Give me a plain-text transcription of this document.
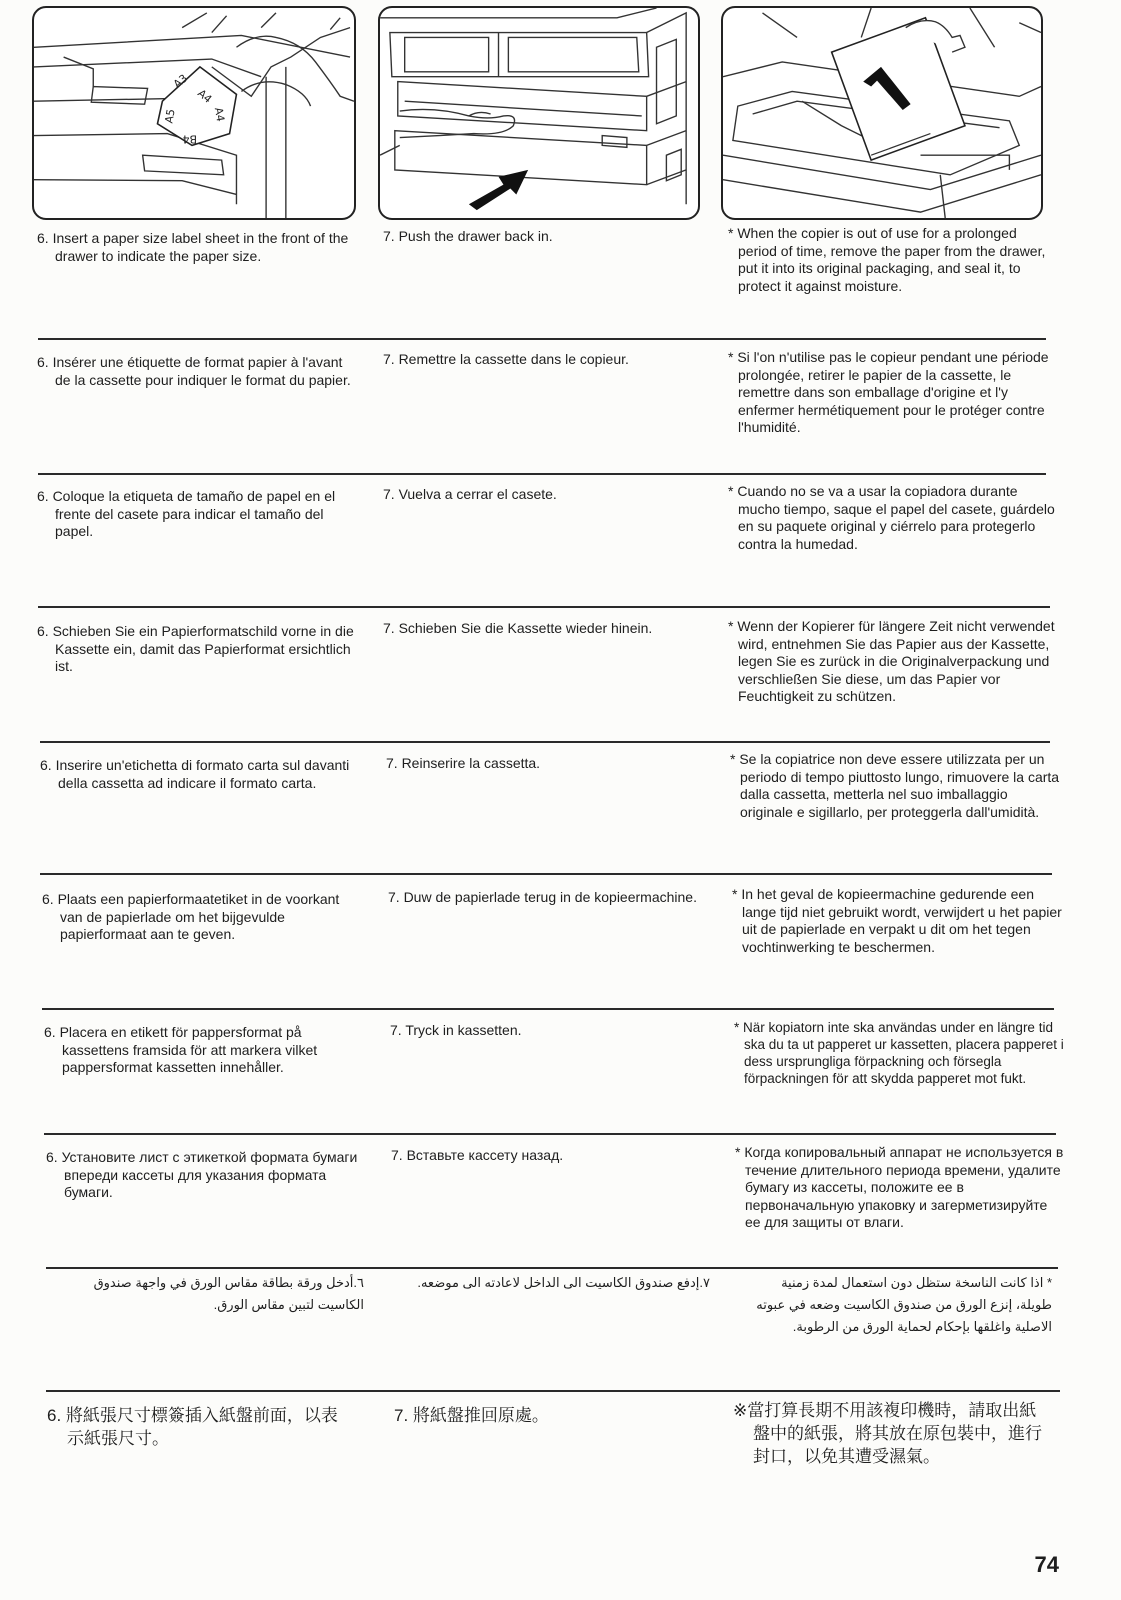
A3
A4
A4
B4
A5

6. Insert a paper size label sheet in the front of the drawer to indicate the paper size.

7. Push the drawer back in.	* When the copier is out of use for a prolonged period of time, remove the paper from the drawer, put it into its original packaging, and seal it, to protect it against moisture.

6. Insérer une étiquette de format papier à l'avant de la cassette pour indiquer le format du papier.

7. Remettre la cassette dans le copieur.	* Si l'on n'utilise pas le copieur pendant une période prolongée, retirer le papier de la cassette, le remettre dans son emballage d'origine et l'y enfermer hermétiquement pour le protéger contre l'humidité.

6. Coloque la etiqueta de tamaño de papel en el frente del casete para indicar el tamaño del papel.

7. Vuelva a cerrar el casete.	* Cuando no se va a usar la copiadora durante mucho tiempo, saque el papel del casete, guárdelo en su paquete original y ciérrelo para protegerlo contra la humedad.

6. Schieben Sie ein Papierformatschild vorne in die Kassette ein, damit das Papierformat ersichtlich ist.

7. Schieben Sie die Kassette wieder hinein.	* Wenn der Kopierer für längere Zeit nicht verwendet wird, entnehmen Sie das Papier aus der Kassette, legen Sie es zurück in die Originalverpackung und verschließen Sie diese, um das Papier vor Feuchtigkeit zu schützen.

6. Inserire un'etichetta di formato carta sul davanti della cassetta ad indicare il formato carta.

7. Reinserire la cassetta.	* Se la copiatrice non deve essere utilizzata per un periodo di tempo piuttosto lungo, rimuovere la carta dalla cassetta, metterla nel suo imballaggio originale e sigillarlo, per proteggerla dall'umidità.

6. Plaats een papierformaatetiket in de voorkant van de papierlade om het bijgevulde papierformaat aan te geven.

7. Duw de papierlade terug in de kopieermachine.	* In het geval de kopieermachine gedurende een lange tijd niet gebruikt wordt, verwijdert u het papier uit de papierlade en verpakt u dit om het tegen vochtinwerking te beschermen.

6. Placera en etikett för pappersformat på kassettens framsida för att markera vilket pappersformat kassetten innehåller.

7. Tryck in kassetten.	* När kopiatorn inte ska användas under en längre tid ska du ta ut papperet ur kassetten, placera papperet i dess ursprungliga förpackning och försegla förpackningen för att skydda papperet mot fukt.

6. Установите лист с этикеткой формата бумаги впереди кассеты для указания формата бумаги.

7. Вставьте кассету назад.	* Когда копировальный аппарат не используется в течение длительного периода времени, удалите бумагу из кассеты, положите ее в первоначальную упаковку и загерметизируйте ее для защиты от влаги.

٦.أدخل ورقة بطاقة مقاس الورق في واجهة صندوق الكاسيت لتبين مقاس الورق.

٧.إدفع صندوق الكاسيت الى الداخل لاعادته الى موضعه.	* اذا كانت الناسخة ستظل دون استعمال لمدة زمنية طويلة، إنزع الورق من صندوق الكاسيت وضعه في عبوته الاصلية واغلقها بإحكام لحماية الورق من الرطوبة.

6. 將紙張尺寸標簽插入紙盤前面，以表示紙張尺寸。

7. 將紙盤推回原處。	※當打算長期不用該複印機時，請取出紙盤中的紙張，將其放在原包裝中，進行封口，以免其遭受濕氣。

74
